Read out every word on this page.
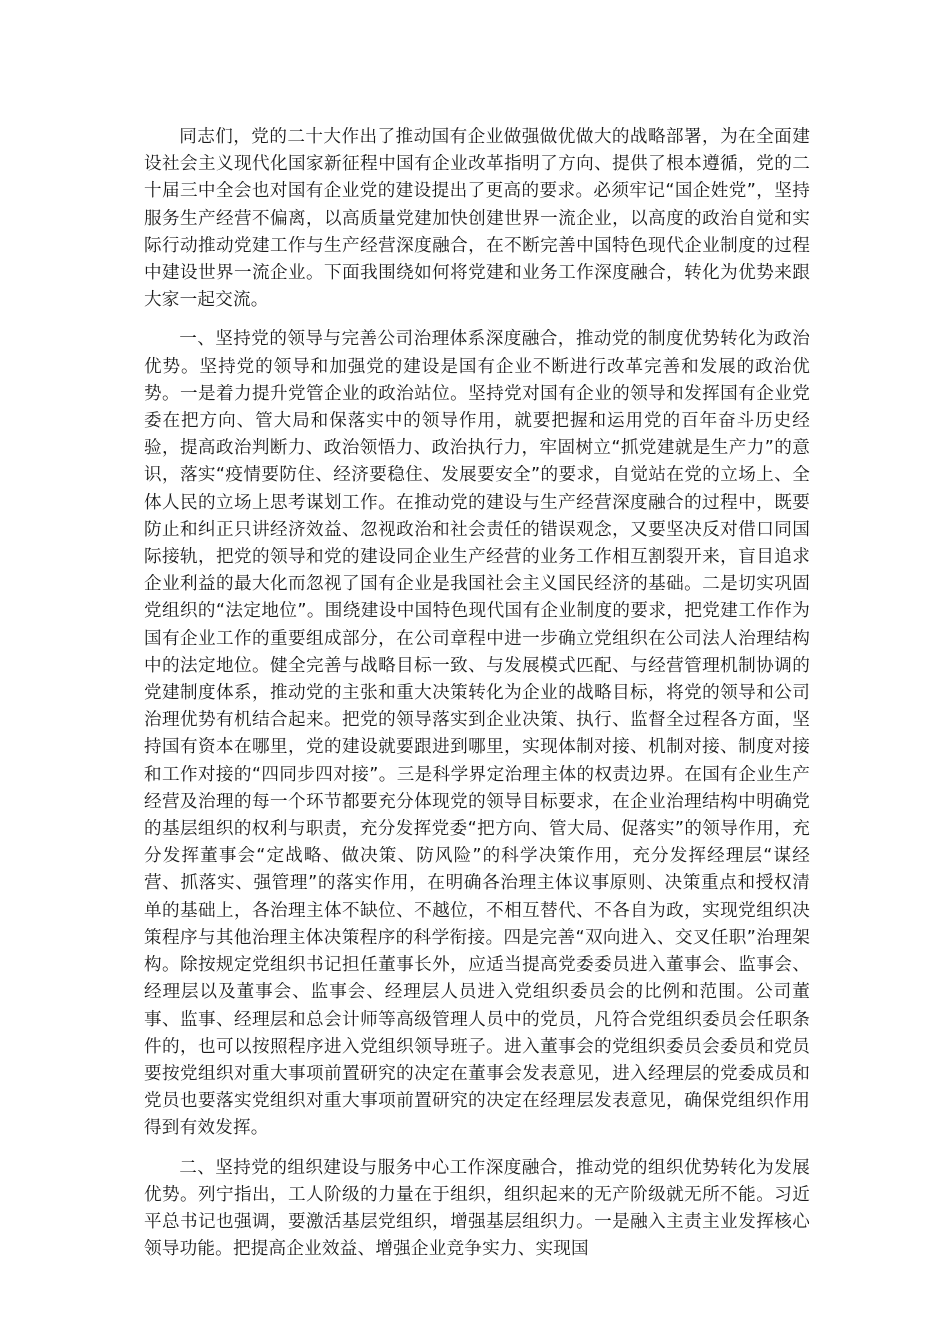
同志们，党的二十大作出了推动国有企业做强做优做大的战略部署，为在全面建设社会主义现代化国家新征程中国有企业改革指明了方向、提供了根本遵循，党的二十届三中全会也对国有企业党的建设提出了更高的要求。必须牢记“国企姓党”，坚持服务生产经营不偏离，以高质量党建加快创建世界一流企业，以高度的政治自觉和实际行动推动党建工作与生产经营深度融合，在不断完善中国特色现代企业制度的过程中建设世界一流企业。下面我围绕如何将党建和业务工作深度融合，转化为优势来跟大家一起交流。

一、坚持党的领导与完善公司治理体系深度融合，推动党的制度优势转化为政治优势。坚持党的领导和加强党的建设是国有企业不断进行改革完善和发展的政治优势。一是着力提升党管企业的政治站位。坚持党对国有企业的领导和发挥国有企业党委在把方向、管大局和保落实中的领导作用，就要把握和运用党的百年奋斗历史经验，提高政治判断力、政治领悟力、政治执行力，牢固树立“抓党建就是生产力”的意识，落实“疫情要防住、经济要稳住、发展要安全”的要求，自觉站在党的立场上、全体人民的立场上思考谋划工作。在推动党的建设与生产经营深度融合的过程中，既要防止和纠正只讲经济效益、忽视政治和社会责任的错误观念，又要坚决反对借口同国际接轨，把党的领导和党的建设同企业生产经营的业务工作相互割裂开来，盲目追求企业利益的最大化而忽视了国有企业是我国社会主义国民经济的基础。二是切实巩固党组织的“法定地位”。围绕建设中国特色现代国有企业制度的要求，把党建工作作为国有企业工作的重要组成部分，在公司章程中进一步确立党组织在公司法人治理结构中的法定地位。健全完善与战略目标一致、与发展模式匹配、与经营管理机制协调的党建制度体系，推动党的主张和重大决策转化为企业的战略目标，将党的领导和公司治理优势有机结合起来。把党的领导落实到企业决策、执行、监督全过程各方面，坚持国有资本在哪里，党的建设就要跟进到哪里，实现体制对接、机制对接、制度对接和工作对接的“四同步四对接”。三是科学界定治理主体的权责边界。在国有企业生产经营及治理的每一个环节都要充分体现党的领导目标要求，在企业治理结构中明确党的基层组织的权利与职责，充分发挥党委“把方向、管大局、促落实”的领导作用，充分发挥董事会“定战略、做决策、防风险”的科学决策作用，充分发挥经理层“谋经营、抓落实、强管理”的落实作用，在明确各治理主体议事原则、决策重点和授权清单的基础上，各治理主体不缺位、不越位，不相互替代、不各自为政，实现党组织决策程序与其他治理主体决策程序的科学衔接。四是完善“双向进入、交叉任职”治理架构。除按规定党组织书记担任董事长外，应适当提高党委委员进入董事会、监事会、经理层以及董事会、监事会、经理层人员进入党组织委员会的比例和范围。公司董事、监事、经理层和总会计师等高级管理人员中的党员，凡符合党组织委员会任职条件的，也可以按照程序进入党组织领导班子。进入董事会的党组织委员会委员和党员要按党组织对重大事项前置研究的决定在董事会发表意见，进入经理层的党委成员和党员也要落实党组织对重大事项前置研究的决定在经理层发表意见，确保党组织作用得到有效发挥。

二、坚持党的组织建设与服务中心工作深度融合，推动党的组织优势转化为发展优势。列宁指出，工人阶级的力量在于组织，组织起来的无产阶级就无所不能。习近平总书记也强调，要激活基层党组织，增强基层组织力。一是融入主责主业发挥核心领导功能。把提高企业效益、增强企业竞争实力、实现国
